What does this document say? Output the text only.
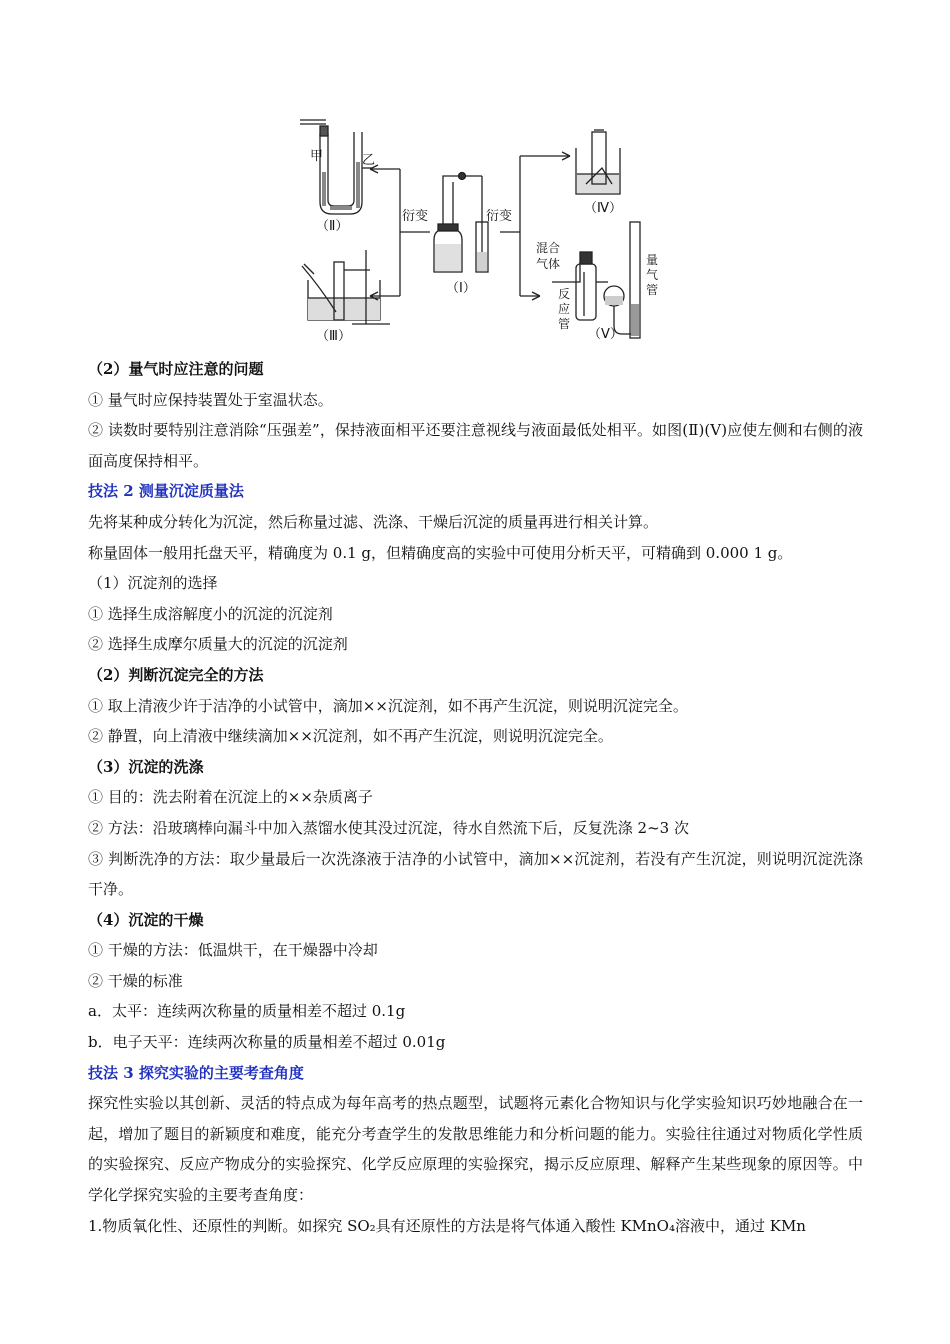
甲	乙
（Ⅱ）
衍变	衍变
（Ⅰ）
（Ⅲ）
（Ⅳ）
混合
气体
反
应
管
量
气
管
（Ⅴ）
（2）量气时应注意的问题
① 量气时应保持装置处于室温状态。
② 读数时要特别注意消除“压强差”，保持液面相平还要注意视线与液面最低处相平。如图(Ⅱ)(Ⅴ)应使左侧和右侧的液面高度保持相平。
技法 2 测量沉淀质量法
先将某种成分转化为沉淀，然后称量过滤、洗涤、干燥后沉淀的质量再进行相关计算。
称量固体一般用托盘天平，精确度为 0.1 g，但精确度高的实验中可使用分析天平，可精确到 0.000 1 g。
（1）沉淀剂的选择
① 选择生成溶解度小的沉淀的沉淀剂
② 选择生成摩尔质量大的沉淀的沉淀剂
（2）判断沉淀完全的方法
① 取上清液少许于洁净的小试管中，滴加××沉淀剂，如不再产生沉淀，则说明沉淀完全。
② 静置，向上清液中继续滴加××沉淀剂，如不再产生沉淀，则说明沉淀完全。
（3）沉淀的洗涤
① 目的：洗去附着在沉淀上的××杂质离子
② 方法：沿玻璃棒向漏斗中加入蒸馏水使其没过沉淀，待水自然流下后，反复洗涤 2~3 次
③ 判断洗净的方法：取少量最后一次洗涤液于洁净的小试管中，滴加××沉淀剂，若没有产生沉淀，则说明沉淀洗涤干净。
（4）沉淀的干燥
① 干燥的方法：低温烘干，在干燥器中冷却
② 干燥的标准
a．太平：连续两次称量的质量相差不超过 0.1g
b．电子天平：连续两次称量的质量相差不超过 0.01g
技法 3 探究实验的主要考查角度
探究性实验以其创新、灵活的特点成为每年高考的热点题型，试题将元素化合物知识与化学实验知识巧妙地融合在一起，增加了题目的新颖度和难度，能充分考查学生的发散思维能力和分析问题的能力。实验往往通过对物质化学性质的实验探究、反应产物成分的实验探究、化学反应原理的实验探究，揭示反应原理、解释产生某些现象的原因等。中学化学探究实验的主要考查角度：
1.物质氧化性、还原性的判断。如探究 SO₂具有还原性的方法是将气体通入酸性 KMnO₄溶液中，通过 KMn
